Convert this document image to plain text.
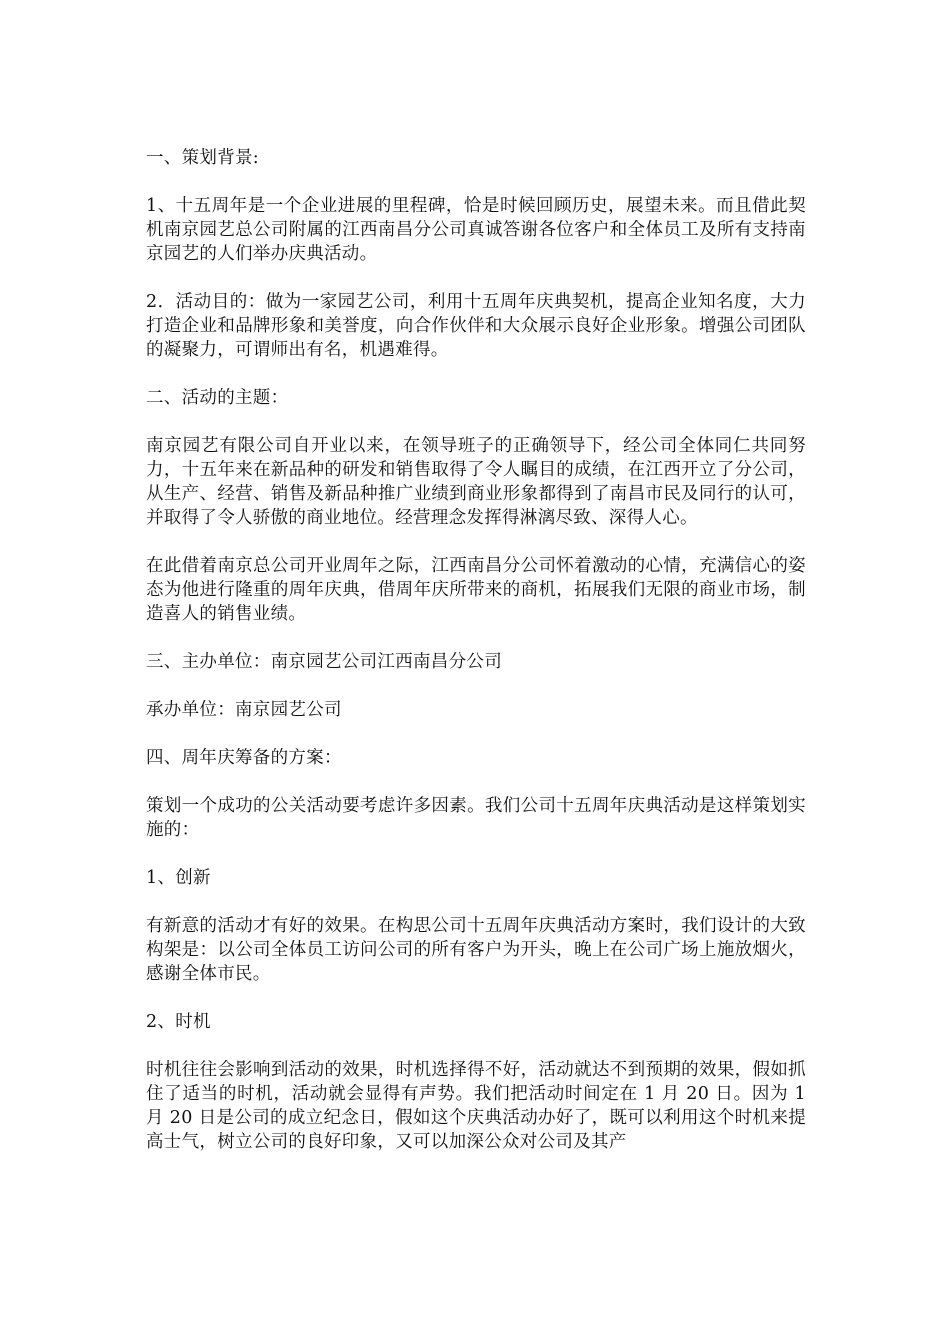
一、策划背景:

1、十五周年是一个企业进展的里程碑，恰是时候回顾历史，展望未来。而且借此契机南京园艺总公司附属的江西南昌分公司真诚答谢各位客户和全体员工及所有支持南京园艺的人们举办庆典活动。

2．活动目的：做为一家园艺公司，利用十五周年庆典契机，提高企业知名度，大力打造企业和品牌形象和美誉度，向合作伙伴和大众展示良好企业形象。增强公司团队的凝聚力，可谓师出有名，机遇难得。

二、活动的主题：

南京园艺有限公司自开业以来，在领导班子的正确领导下，经公司全体同仁共同努力，十五年来在新品种的研发和销售取得了令人瞩目的成绩，在江西开立了分公司，从生产、经营、销售及新品种推广业绩到商业形象都得到了南昌市民及同行的认可，并取得了令人骄傲的商业地位。经营理念发挥得淋漓尽致、深得人心。

在此借着南京总公司开业周年之际，江西南昌分公司怀着激动的心情，充满信心的姿态为他进行隆重的周年庆典，借周年庆所带来的商机，拓展我们无限的商业市场，制造喜人的销售业绩。

三、主办单位：南京园艺公司江西南昌分公司

承办单位：南京园艺公司

四、周年庆筹备的方案：

策划一个成功的公关活动要考虑许多因素。我们公司十五周年庆典活动是这样策划实施的：

1、创新

有新意的活动才有好的效果。在构思公司十五周年庆典活动方案时，我们设计的大致构架是：以公司全体员工访问公司的所有客户为开头，晚上在公司广场上施放烟火，感谢全体市民。

2、时机

时机往往会影响到活动的效果，时机选择得不好，活动就达不到预期的效果，假如抓住了适当的时机，活动就会显得有声势。我们把活动时间定在 1 月 20 日。因为 1 月 20 日是公司的成立纪念日，假如这个庆典活动办好了，既可以利用这个时机来提高士气，树立公司的良好印象，又可以加深公众对公司及其产
